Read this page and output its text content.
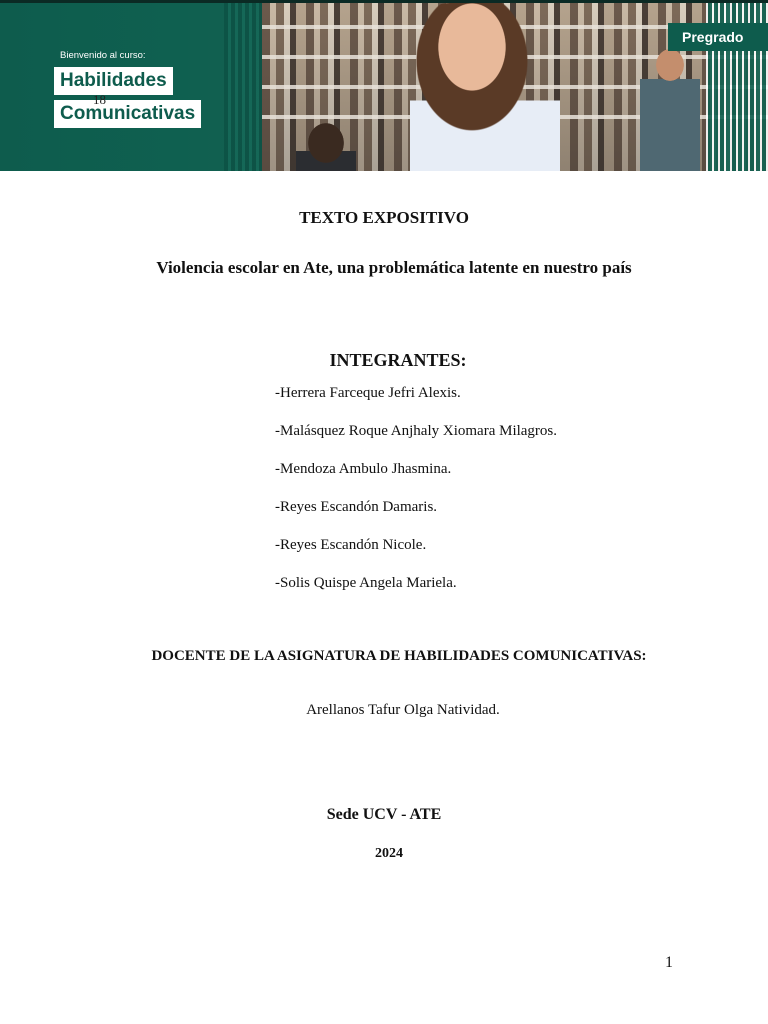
Bienvenido al curso:
Habilidades
Comunicativas
Pregrado
18
TEXTO EXPOSITIVO
Violencia escolar en Ate, una problemática latente en nuestro país
INTEGRANTES:
-Herrera Farceque Jefri Alexis.
-Malásquez Roque Anjhaly Xiomara Milagros.
-Mendoza Ambulo Jhasmina.
-Reyes Escandón Damaris.
-Reyes Escandón Nicole.
-Solis Quispe Angela Mariela.
DOCENTE DE LA ASIGNATURA DE HABILIDADES COMUNICATIVAS:
Arellanos Tafur Olga Natividad.
Sede UCV - ATE
2024
1
